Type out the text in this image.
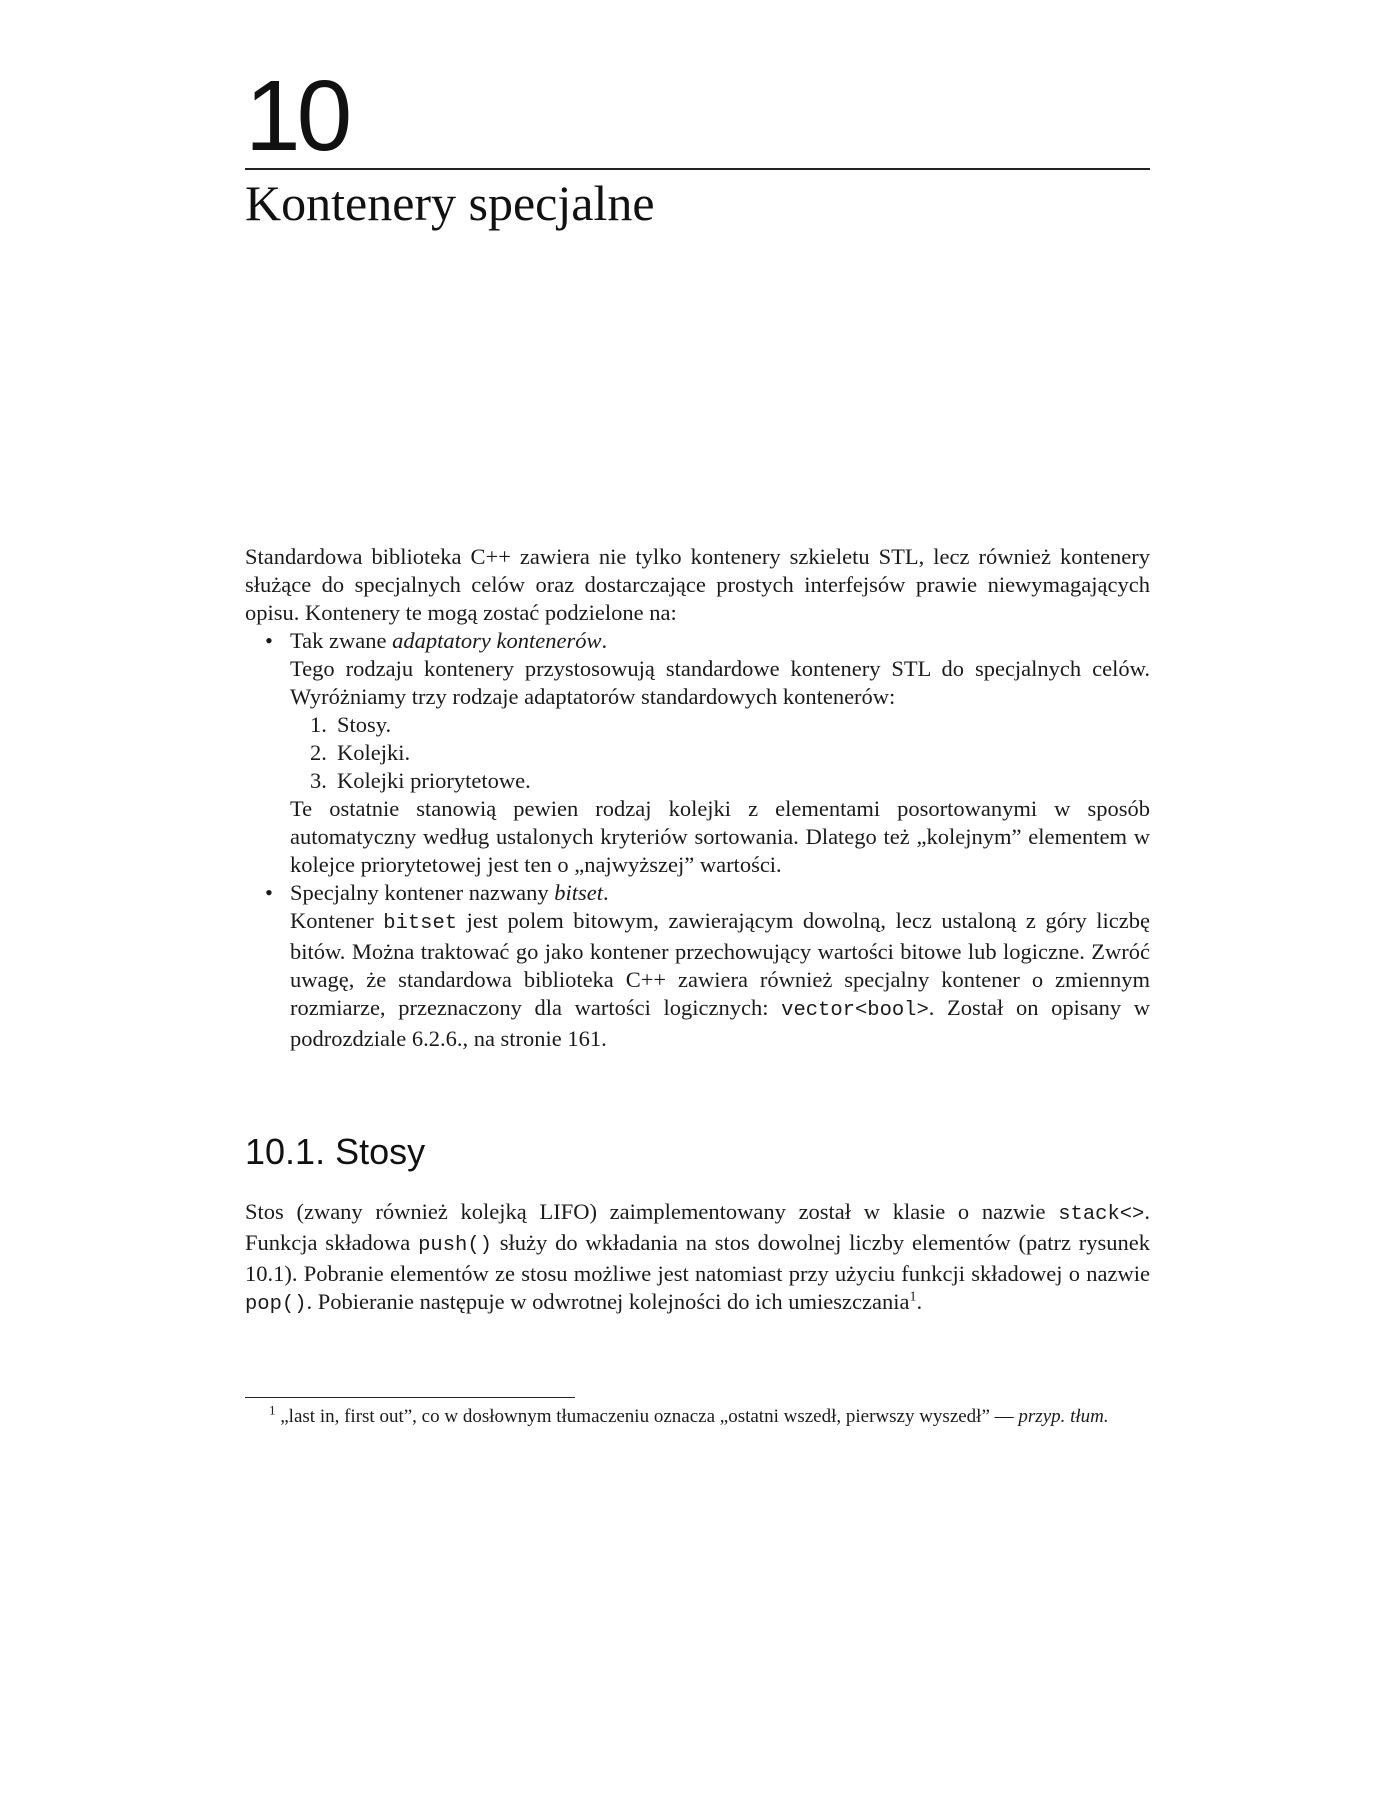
10
Kontenery specjalne

Standardowa biblioteka C++ zawiera nie tylko kontenery szkieletu STL, lecz również kontenery służące do specjalnych celów oraz dostarczające prostych interfejsów prawie niewymagających opisu. Kontenery te mogą zostać podzielone na:

• Tak zwane adaptatory kontenerów.
Tego rodzaju kontenery przystosowują standardowe kontenery STL do specjalnych celów. Wyróżniamy trzy rodzaje adaptatorów standardowych kontenerów:
1. Stosy.
2. Kolejki.
3. Kolejki priorytetowe.
Te ostatnie stanowią pewien rodzaj kolejki z elementami posortowanymi w sposób automatyczny według ustalonych kryteriów sortowania. Dlatego też „kolejnym” elementem w kolejce priorytetowej jest ten o „najwyższej” wartości.
• Specjalny kontener nazwany bitset.
Kontener bitset jest polem bitowym, zawierającym dowolną, lecz ustaloną z góry liczbę bitów. Można traktować go jako kontener przechowujący wartości bitowe lub logiczne. Zwróć uwagę, że standardowa biblioteka C++ zawiera również specjalny kontener o zmiennym rozmiarze, przeznaczony dla wartości logicznych: vector<bool>. Został on opisany w podrozdziale 6.2.6., na stronie 161.
10.1. Stosy

Stos (zwany również kolejką LIFO) zaimplementowany został w klasie o nazwie stack<>. Funkcja składowa push() służy do wkładania na stos dowolnej liczby elementów (patrz rysunek 10.1). Pobranie elementów ze stosu możliwe jest natomiast przy użyciu funkcji składowej o nazwie pop(). Pobieranie następuje w odwrotnej kolejności do ich umieszczania$^1$.

$^1$ „last in, first out”, co w dosłownym tłumaczeniu oznacza „ostatni wszedł, pierwszy wyszedł” — przyp. tłum.
